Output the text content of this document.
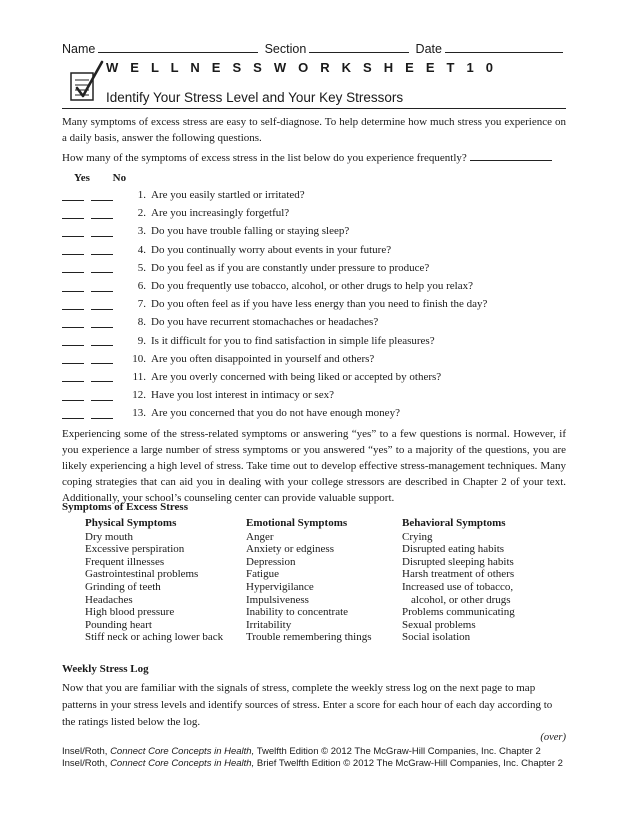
Name	Section	Date
W E L L N E S S W O R K S H E E T 1 0
Identify Your Stress Level and Your Key Stressors
Many symptoms of excess stress are easy to self-diagnose. To help determine how much stress you experience on a daily basis, answer the following questions.
How many of the symptoms of excess stress in the list below do you experience frequently?
Yes No
1. Are you easily startled or irritated?
2. Are you increasingly forgetful?
3. Do you have trouble falling or staying sleep?
4. Do you continually worry about events in your future?
5. Do you feel as if you are constantly under pressure to produce?
6. Do you frequently use tobacco, alcohol, or other drugs to help you relax?
7. Do you often feel as if you have less energy than you need to finish the day?
8. Do you have recurrent stomachaches or headaches?
9. Is it difficult for you to find satisfaction in simple life pleasures?
10. Are you often disappointed in yourself and others?
11. Are you overly concerned with being liked or accepted by others?
12. Have you lost interest in intimacy or sex?
13. Are you concerned that you do not have enough money?
Experiencing some of the stress-related symptoms or answering “yes” to a few questions is normal. However, if you experience a large number of stress symptoms or you answered “yes” to a majority of the questions, you are likely experiencing a high level of stress. Take time out to develop effective stress-management techniques. Many coping strategies that can aid you in dealing with your college stressors are described in Chapter 2 of your text. Additionally, your school’s counseling center can provide valuable support.
Symptoms of Excess Stress
Physical Symptoms
Dry mouth
Excessive perspiration
Frequent illnesses
Gastrointestinal problems
Grinding of teeth
Headaches
High blood pressure
Pounding heart
Stiff neck or aching lower back
Emotional Symptoms
Anger
Anxiety or edginess
Depression
Fatigue
Hypervigilance
Impulsiveness
Inability to concentrate
Irritability
Trouble remembering things
Behavioral Symptoms
Crying
Disrupted eating habits
Disrupted sleeping habits
Harsh treatment of others
Increased use of tobacco,
alcohol, or other drugs
Problems communicating
Sexual problems
Social isolation
Weekly Stress Log
Now that you are familiar with the signals of stress, complete the weekly stress log on the next page to map patterns in your stress levels and identify sources of stress. Enter a score for each hour of each day according to the ratings listed below the log.
(over)
Insel/Roth, Connect Core Concepts in Health, Twelfth Edition © 2012 The McGraw-Hill Companies, Inc. Chapter 2
Insel/Roth, Connect Core Concepts in Health, Brief Twelfth Edition © 2012 The McGraw-Hill Companies, Inc. Chapter 2
